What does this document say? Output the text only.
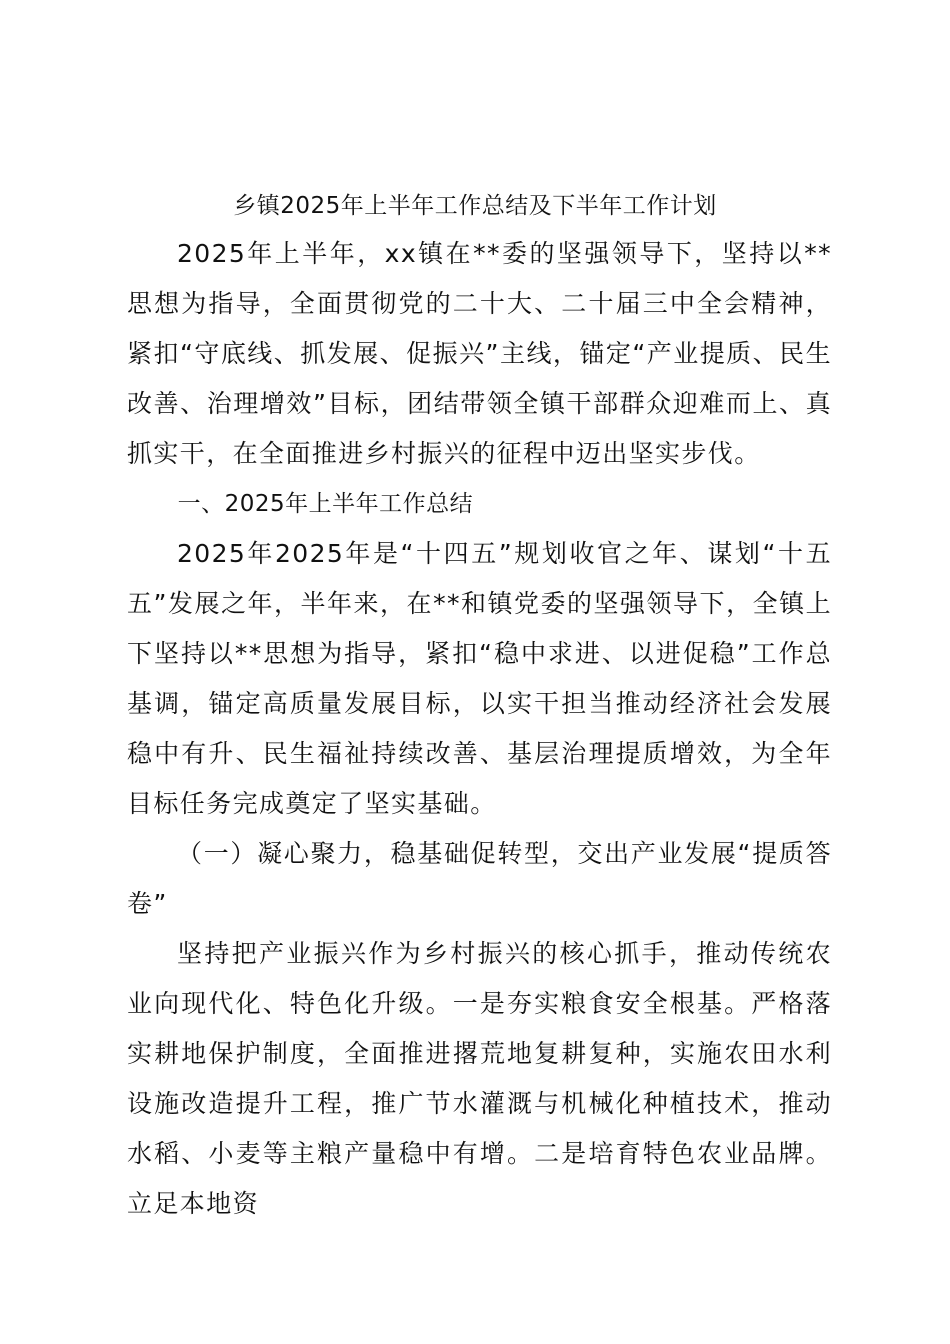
乡镇2025年上半年工作总结及下半年工作计划

2025年上半年，xx镇在**委的坚强领导下，坚持以**思想为指导，全面贯彻党的二十大、二十届三中全会精神，紧扣“守底线、抓发展、促振兴”主线，锚定“产业提质、民生改善、治理增效”目标，团结带领全镇干部群众迎难而上、真抓实干，在全面推进乡村振兴的征程中迈出坚实步伐。

一、2025年上半年工作总结

2025年2025年是“十四五”规划收官之年、谋划“十五五”发展之年，半年来，在**和镇党委的坚强领导下，全镇上下坚持以**思想为指导，紧扣“稳中求进、以进促稳”工作总基调，锚定高质量发展目标，以实干担当推动经济社会发展稳中有升、民生福祉持续改善、基层治理提质增效，为全年目标任务完成奠定了坚实基础。

（一）凝心聚力，稳基础促转型，交出产业发展“提质答卷”

坚持把产业振兴作为乡村振兴的核心抓手，推动传统农业向现代化、特色化升级。一是夯实粮食安全根基。严格落实耕地保护制度，全面推进撂荒地复耕复种，实施农田水利设施改造提升工程，推广节水灌溉与机械化种植技术，推动水稻、小麦等主粮产量稳中有增。二是培育特色农业品牌。立足本地资
